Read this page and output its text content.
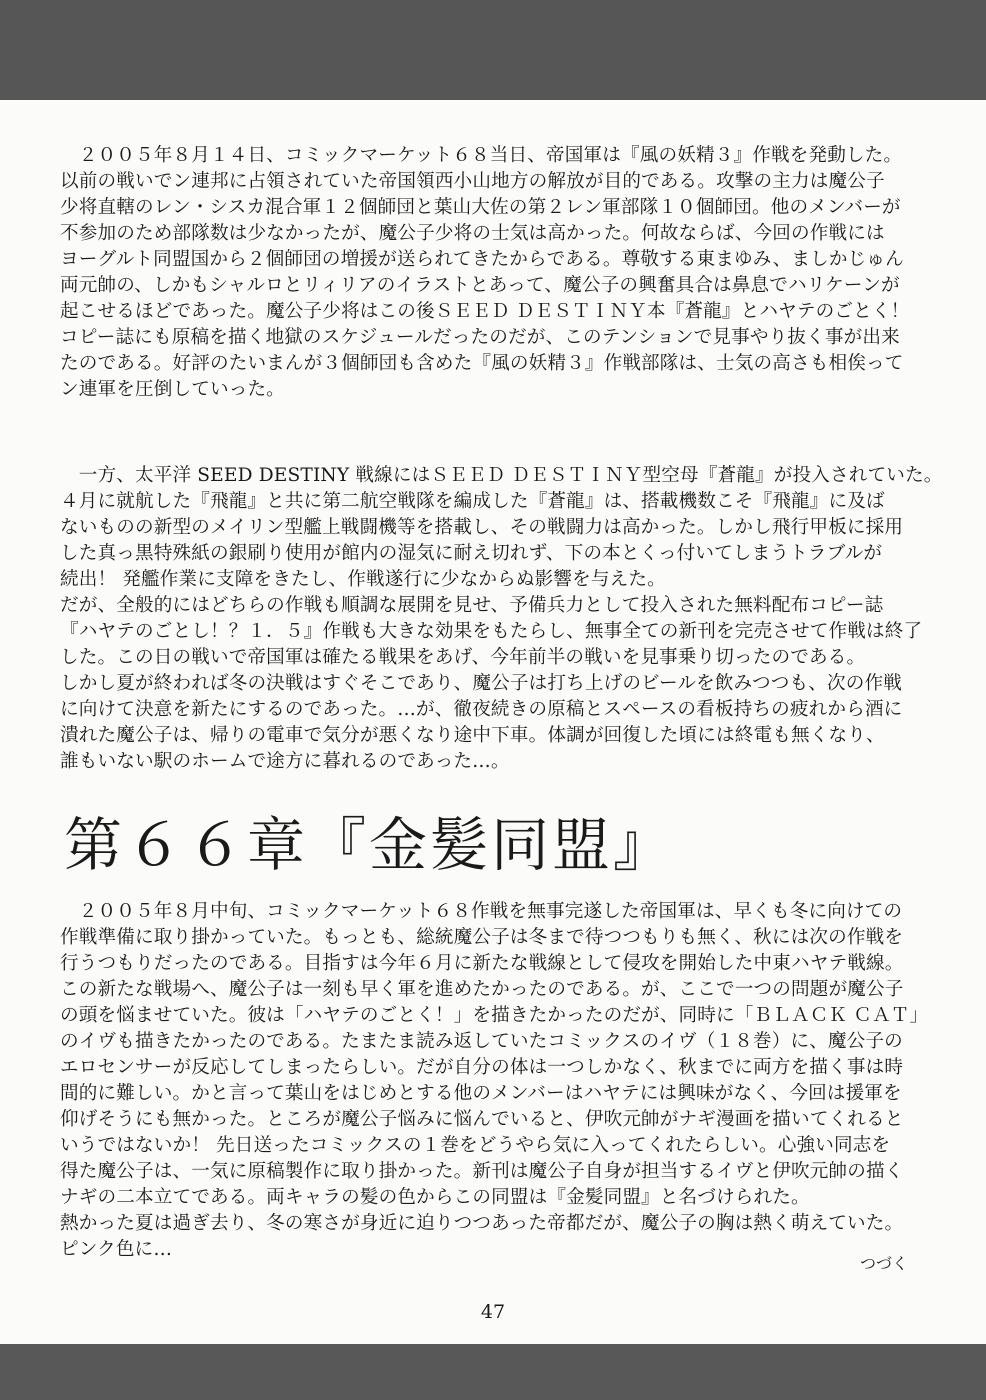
　２００５年８月１４日、コミックマーケット６８当日、帝国軍は『風の妖精３』作戦を発動した。

以前の戦いでン連邦に占領されていた帝国領西小山地方の解放が目的である。攻撃の主力は魔公子

少将直轄のレン・シスカ混合軍１２個師団と葉山大佐の第２レン軍部隊１０個師団。他のメンバーが

不参加のため部隊数は少なかったが、魔公子少将の士気は高かった。何故ならば、今回の作戦には

ヨーグルト同盟国から２個師団の増援が送られてきたからである。尊敬する東まゆみ、ましかじゅん

両元帥の、しかもシャルロとリィリアのイラストとあって、魔公子の興奮具合は鼻息でハリケーンが

起こせるほどであった。魔公子少将はこの後ＳＥＥＤ ＤＥＳＴＩＮＹ本『蒼龍』とハヤテのごとく！

コピー誌にも原稿を描く地獄のスケジュールだったのだが、このテンションで見事やり抜く事が出来

たのである。好評のたいまんが３個師団も含めた『風の妖精３』作戦部隊は、士気の高さも相俟って

ン連軍を圧倒していった。

　一方、太平洋 SEED DESTINY 戦線にはＳＥＥＤ ＤＥＳＴＩＮＹ型空母『蒼龍』が投入されていた。

４月に就航した『飛龍』と共に第二航空戦隊を編成した『蒼龍』は、搭載機数こそ『飛龍』に及ば

ないものの新型のメイリン型艦上戦闘機等を搭載し、その戦闘力は高かった。しかし飛行甲板に採用

した真っ黒特殊紙の銀刷り使用が館内の湿気に耐え切れず、下の本とくっ付いてしまうトラブルが

続出！ 発艦作業に支障をきたし、作戦遂行に少なからぬ影響を与えた。

だが、全般的にはどちらの作戦も順調な展開を見せ、予備兵力として投入された無料配布コピー誌

『ハヤテのごとし！？１．５』作戦も大きな効果をもたらし、無事全ての新刊を完売させて作戦は終了

した。この日の戦いで帝国軍は確たる戦果をあげ、今年前半の戦いを見事乗り切ったのである。

しかし夏が終われば冬の決戦はすぐそこであり、魔公子は打ち上げのビールを飲みつつも、次の作戦

に向けて決意を新たにするのであった。…が、徹夜続きの原稿とスペースの看板持ちの疲れから酒に

潰れた魔公子は、帰りの電車で気分が悪くなり途中下車。体調が回復した頃には終電も無くなり、

誰もいない駅のホームで途方に暮れるのであった…。

第６６章『金髪同盟』

　２００５年８月中旬、コミックマーケット６８作戦を無事完遂した帝国軍は、早くも冬に向けての

作戦準備に取り掛かっていた。もっとも、総統魔公子は冬まで待つつもりも無く、秋には次の作戦を

行うつもりだったのである。目指すは今年６月に新たな戦線として侵攻を開始した中東ハヤテ戦線。

この新たな戦場へ、魔公子は一刻も早く軍を進めたかったのである。が、ここで一つの問題が魔公子

の頭を悩ませていた。彼は「ハヤテのごとく！」を描きたかったのだが、同時に「ＢＬＡＣＫ ＣＡＴ」

のイヴも描きたかったのである。たまたま読み返していたコミックスのイヴ（１８巻）に、魔公子の

エロセンサーが反応してしまったらしい。だが自分の体は一つしかなく、秋までに両方を描く事は時

間的に難しい。かと言って葉山をはじめとする他のメンバーはハヤテには興味がなく、今回は援軍を

仰げそうにも無かった。ところが魔公子悩みに悩んでいると、伊吹元帥がナギ漫画を描いてくれると

いうではないか！ 先日送ったコミックスの１巻をどうやら気に入ってくれたらしい。心強い同志を

得た魔公子は、一気に原稿製作に取り掛かった。新刊は魔公子自身が担当するイヴと伊吹元帥の描く

ナギの二本立てである。両キャラの髪の色からこの同盟は『金髪同盟』と名づけられた。

熱かった夏は過ぎ去り、冬の寒さが身近に迫りつつあった帝都だが、魔公子の胸は熱く萌えていた。

ピンク色に…

つづく
47
